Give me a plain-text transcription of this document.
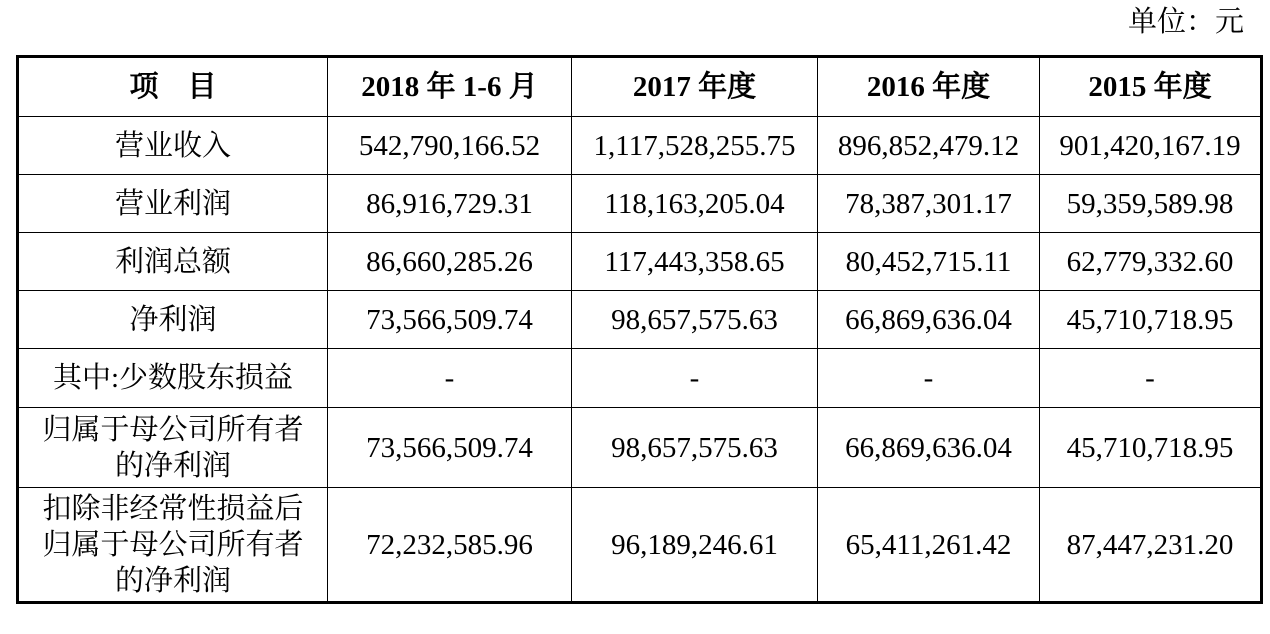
单位：元
项　目	2018 年 1-6 月	2017 年度	2016 年度	2015 年度
营业收入	542,790,166.52	1,117,528,255.75	896,852,479.12	901,420,167.19
营业利润	86,916,729.31	118,163,205.04	78,387,301.17	59,359,589.98
利润总额	86,660,285.26	117,443,358.65	80,452,715.11	62,779,332.60
净利润	73,566,509.74	98,657,575.63	66,869,636.04	45,710,718.95
其中:少数股东损益	-	-	-	-
归属于母公司所有者
的净利润	73,566,509.74	98,657,575.63	66,869,636.04	45,710,718.95
扣除非经常性损益后
归属于母公司所有者
的净利润	72,232,585.96	96,189,246.61	65,411,261.42	87,447,231.20
